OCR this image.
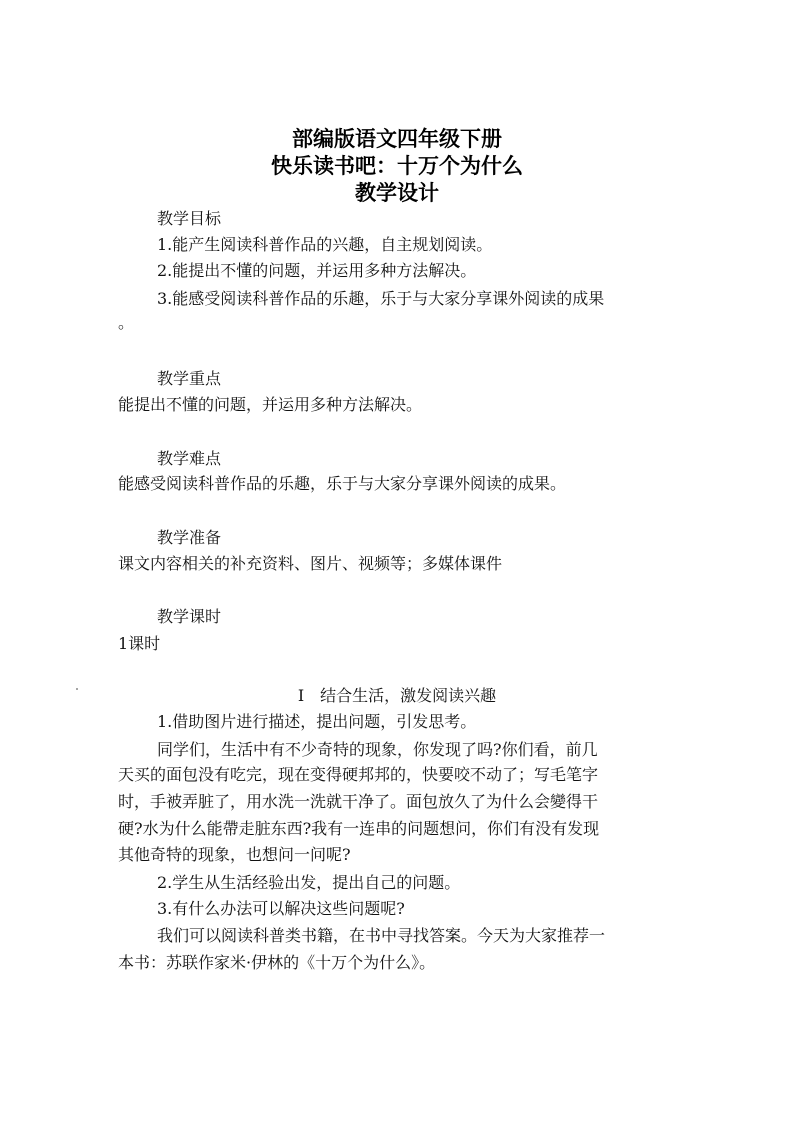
部编版语文四年级下册
快乐读书吧：十万个为什么
教学设计
教学目标
1.能产生阅读科普作品的兴趣，自主规划阅读。
2.能提出不懂的问题，并运用多种方法解决。
3.能感受阅读科普作品的乐趣，乐于与大家分享课外阅读的成果
。
教学重点
能提出不懂的问题，并运用多种方法解决。
教学难点
能感受阅读科普作品的乐趣，乐于与大家分享课外阅读的成果。
教学准备
课文内容相关的补充资料、图片、视频等；多媒体课件
教学课时
1课时
Ⅰ 结合生活，激发阅读兴趣
1.借助图片进行描述，提出问题，引发思考。
同学们，生活中有不少奇特的现象，你发现了吗?你们看，前几
天买的面包没有吃完，现在变得硬邦邦的，快要咬不动了；写毛笔字
时，手被弄脏了，用水洗一洗就干净了。面包放久了为什么会變得干
硬?水为什么能帶走脏东西?我有一连串的问题想问，你们有没有发现
其他奇特的现象，也想问一问呢?
2.学生从生活经验出发，提出自己的问题。
3.有什么办法可以解决这些问题呢?
我们可以阅读科普类书籍，在书中寻找答案。今天为大家推荐一
本书：苏联作家米·伊林的《十万个为什么》。
